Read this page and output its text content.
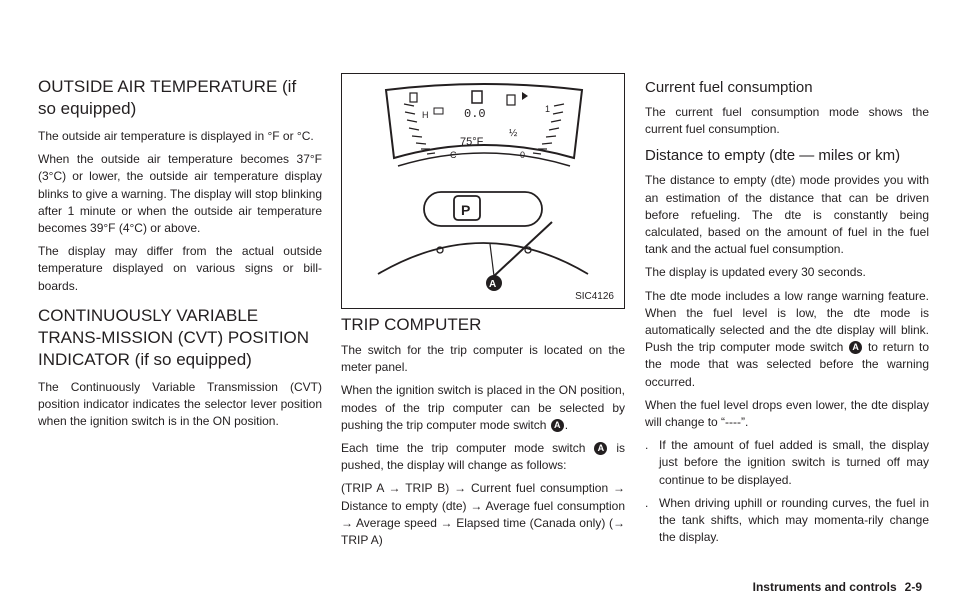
OUTSIDE AIR TEMPERATURE (if so equipped)

The outside air temperature is displayed in °F or °C.

When the outside air temperature becomes 37°F (3°C) or lower, the outside air temperature display blinks to give a warning. The display will stop blinking after 1 minute or when the outside air temperature becomes 39°F (4°C) or above.

The display may differ from the actual outside temperature displayed on various signs or bill-boards.

CONTINUOUSLY VARIABLE TRANS-MISSION (CVT) POSITION INDICATOR (if so equipped)

The Continuously Variable Transmission (CVT) position indicator indicates the selector lever position when the ignition switch is in the ON position.

H
C
½
1
0
0.0
75°F
P
A
SIC4126
TRIP COMPUTER

The switch for the trip computer is located on the meter panel.

When the ignition switch is placed in the ON position, modes of the trip computer can be selected by pushing the trip computer mode switch A .

Each time the trip computer mode switch A is pushed, the display will change as follows:

(TRIP A → TRIP B) → Current fuel consumption → Distance to empty (dte) → Average fuel consumption → Average speed → Elapsed time (Canada only) (→ TRIP A)

Current fuel consumption

The current fuel consumption mode shows the current fuel consumption.

Distance to empty (dte — miles or km)

The distance to empty (dte) mode provides you with an estimation of the distance that can be driven before refueling. The dte is constantly being calculated, based on the amount of fuel in the fuel tank and the actual fuel consumption.

The display is updated every 30 seconds.

The dte mode includes a low range warning feature. When the fuel level is low, the dte mode is automatically selected and the dte display will blink. Push the trip computer mode switch A to return to the mode that was selected before the warning occurred.

When the fuel level drops even lower, the dte display will change to “----”.

. If the amount of fuel added is small, the display just before the ignition switch is turned off may continue to be displayed.
. When driving uphill or rounding curves, the fuel in the tank shifts, which may momenta-rily change the display.
Instruments and controls 2-9
